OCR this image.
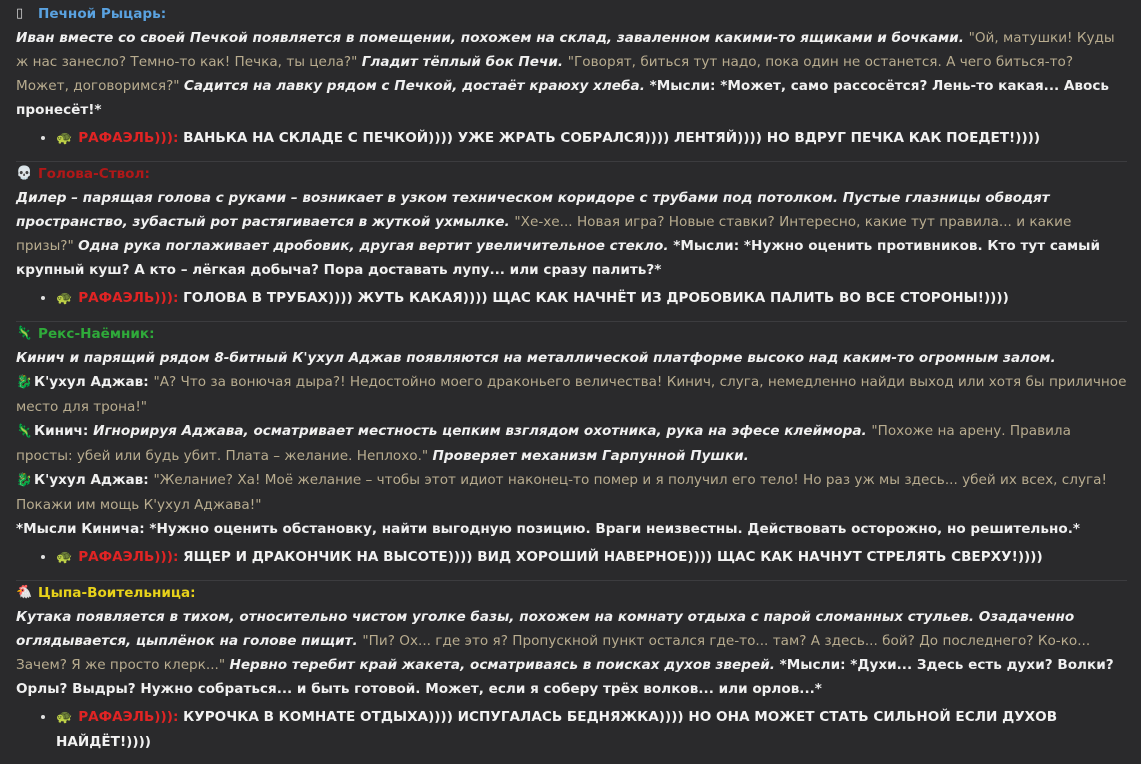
▯	Печной Рыцарь:
Иван вместе со своей Печкой появляется в помещении, похожем на склад, заваленном какими-то ящиками и бочками. "Ой, матушки! Куды ж нас занесло? Темно-то как! Печка, ты цела?" Гладит тёплый бок Печи. "Говорят, биться тут надо, пока один не останется. А чего биться-то? Может, договоримся?" Садится на лавку рядом с Печкой, достаёт краюху хлеба. *Мысли: *Может, само рассосётся? Лень-то какая... Авось пронесёт!*
• 🐢 РАФАЭЛЬ))): ВАНЬКА НА СКЛАДЕ С ПЕЧКОЙ)))) УЖЕ ЖРАТЬ СОБРАЛСЯ)))) ЛЕНТЯЙ)))) НО ВДРУГ ПЕЧКА КАК ПОЕДЕТ!))))
💀 Голова-Ствол:
Дилер – парящая голова с руками – возникает в узком техническом коридоре с трубами под потолком. Пустые глазницы обводят пространство, зубастый рот растягивается в жуткой ухмылке. "Хе-хе... Новая игра? Новые ставки? Интересно, какие тут правила... и какие призы?" Одна рука поглаживает дробовик, другая вертит увеличительное стекло. *Мысли: *Нужно оценить противников. Кто тут самый крупный куш? А кто – лёгкая добыча? Пора доставать лупу... или сразу палить?*
• 🐢 РАФАЭЛЬ))): ГОЛОВА В ТРУБАХ)))) ЖУТЬ КАКАЯ)))) ЩАС КАК НАЧНЁТ ИЗ ДРОБОВИКА ПАЛИТЬ ВО ВСЕ СТОРОНЫ!))))
🦎 Рекс-Наёмник:
Кинич и парящий рядом 8-битный К'ухул Аджав появляются на металлической платформе высоко над каким-то огромным залом.
🐉 К'ухул Аджав: "А? Что за вонючая дыра?! Недостойно моего драконьего величества! Кинич, слуга, немедленно найди выход или хотя бы приличное место для трона!"
🦎 Кинич: Игнорируя Аджава, осматривает местность цепким взглядом охотника, рука на эфесе клеймора. "Похоже на арену. Правила просты: убей или будь убит. Плата – желание. Неплохо." Проверяет механизм Гарпунной Пушки.
🐉 К'ухул Аджав: "Желание? Ха! Моё желание – чтобы этот идиот наконец-то помер и я получил его тело! Но раз уж мы здесь... убей их всех, слуга! Покажи им мощь К'ухул Аджава!"
*Мысли Кинича: *Нужно оценить обстановку, найти выгодную позицию. Враги неизвестны. Действовать осторожно, но решительно.*
• 🐢 РАФАЭЛЬ))): ЯЩЕР И ДРАКОНЧИК НА ВЫСОТЕ)))) ВИД ХОРОШИЙ НАВЕРНОЕ)))) ЩАС КАК НАЧНУТ СТРЕЛЯТЬ СВЕРХУ!))))
🐔 Цыпа-Воительница:
Кутака появляется в тихом, относительно чистом уголке базы, похожем на комнату отдыха с парой сломанных стульев. Озадаченно оглядывается, цыплёнок на голове пищит. "Пи? Ох... где это я? Пропускной пункт остался где-то... там? А здесь... бой? До последнего? Ко-ко... Зачем? Я же просто клерк..." Нервно теребит край жакета, осматриваясь в поисках духов зверей. *Мысли: *Духи... Здесь есть духи? Волки? Орлы? Выдры? Нужно собраться... и быть готовой. Может, если я соберу трёх волков... или орлов...*
• 🐢 РАФАЭЛЬ))): КУРОЧКА В КОМНАТЕ ОТДЫХА)))) ИСПУГАЛАСЬ БЕДНЯЖКА)))) НО ОНА МОЖЕТ СТАТЬ СИЛЬНОЙ ЕСЛИ ДУХОВ НАЙДЁТ!))))
